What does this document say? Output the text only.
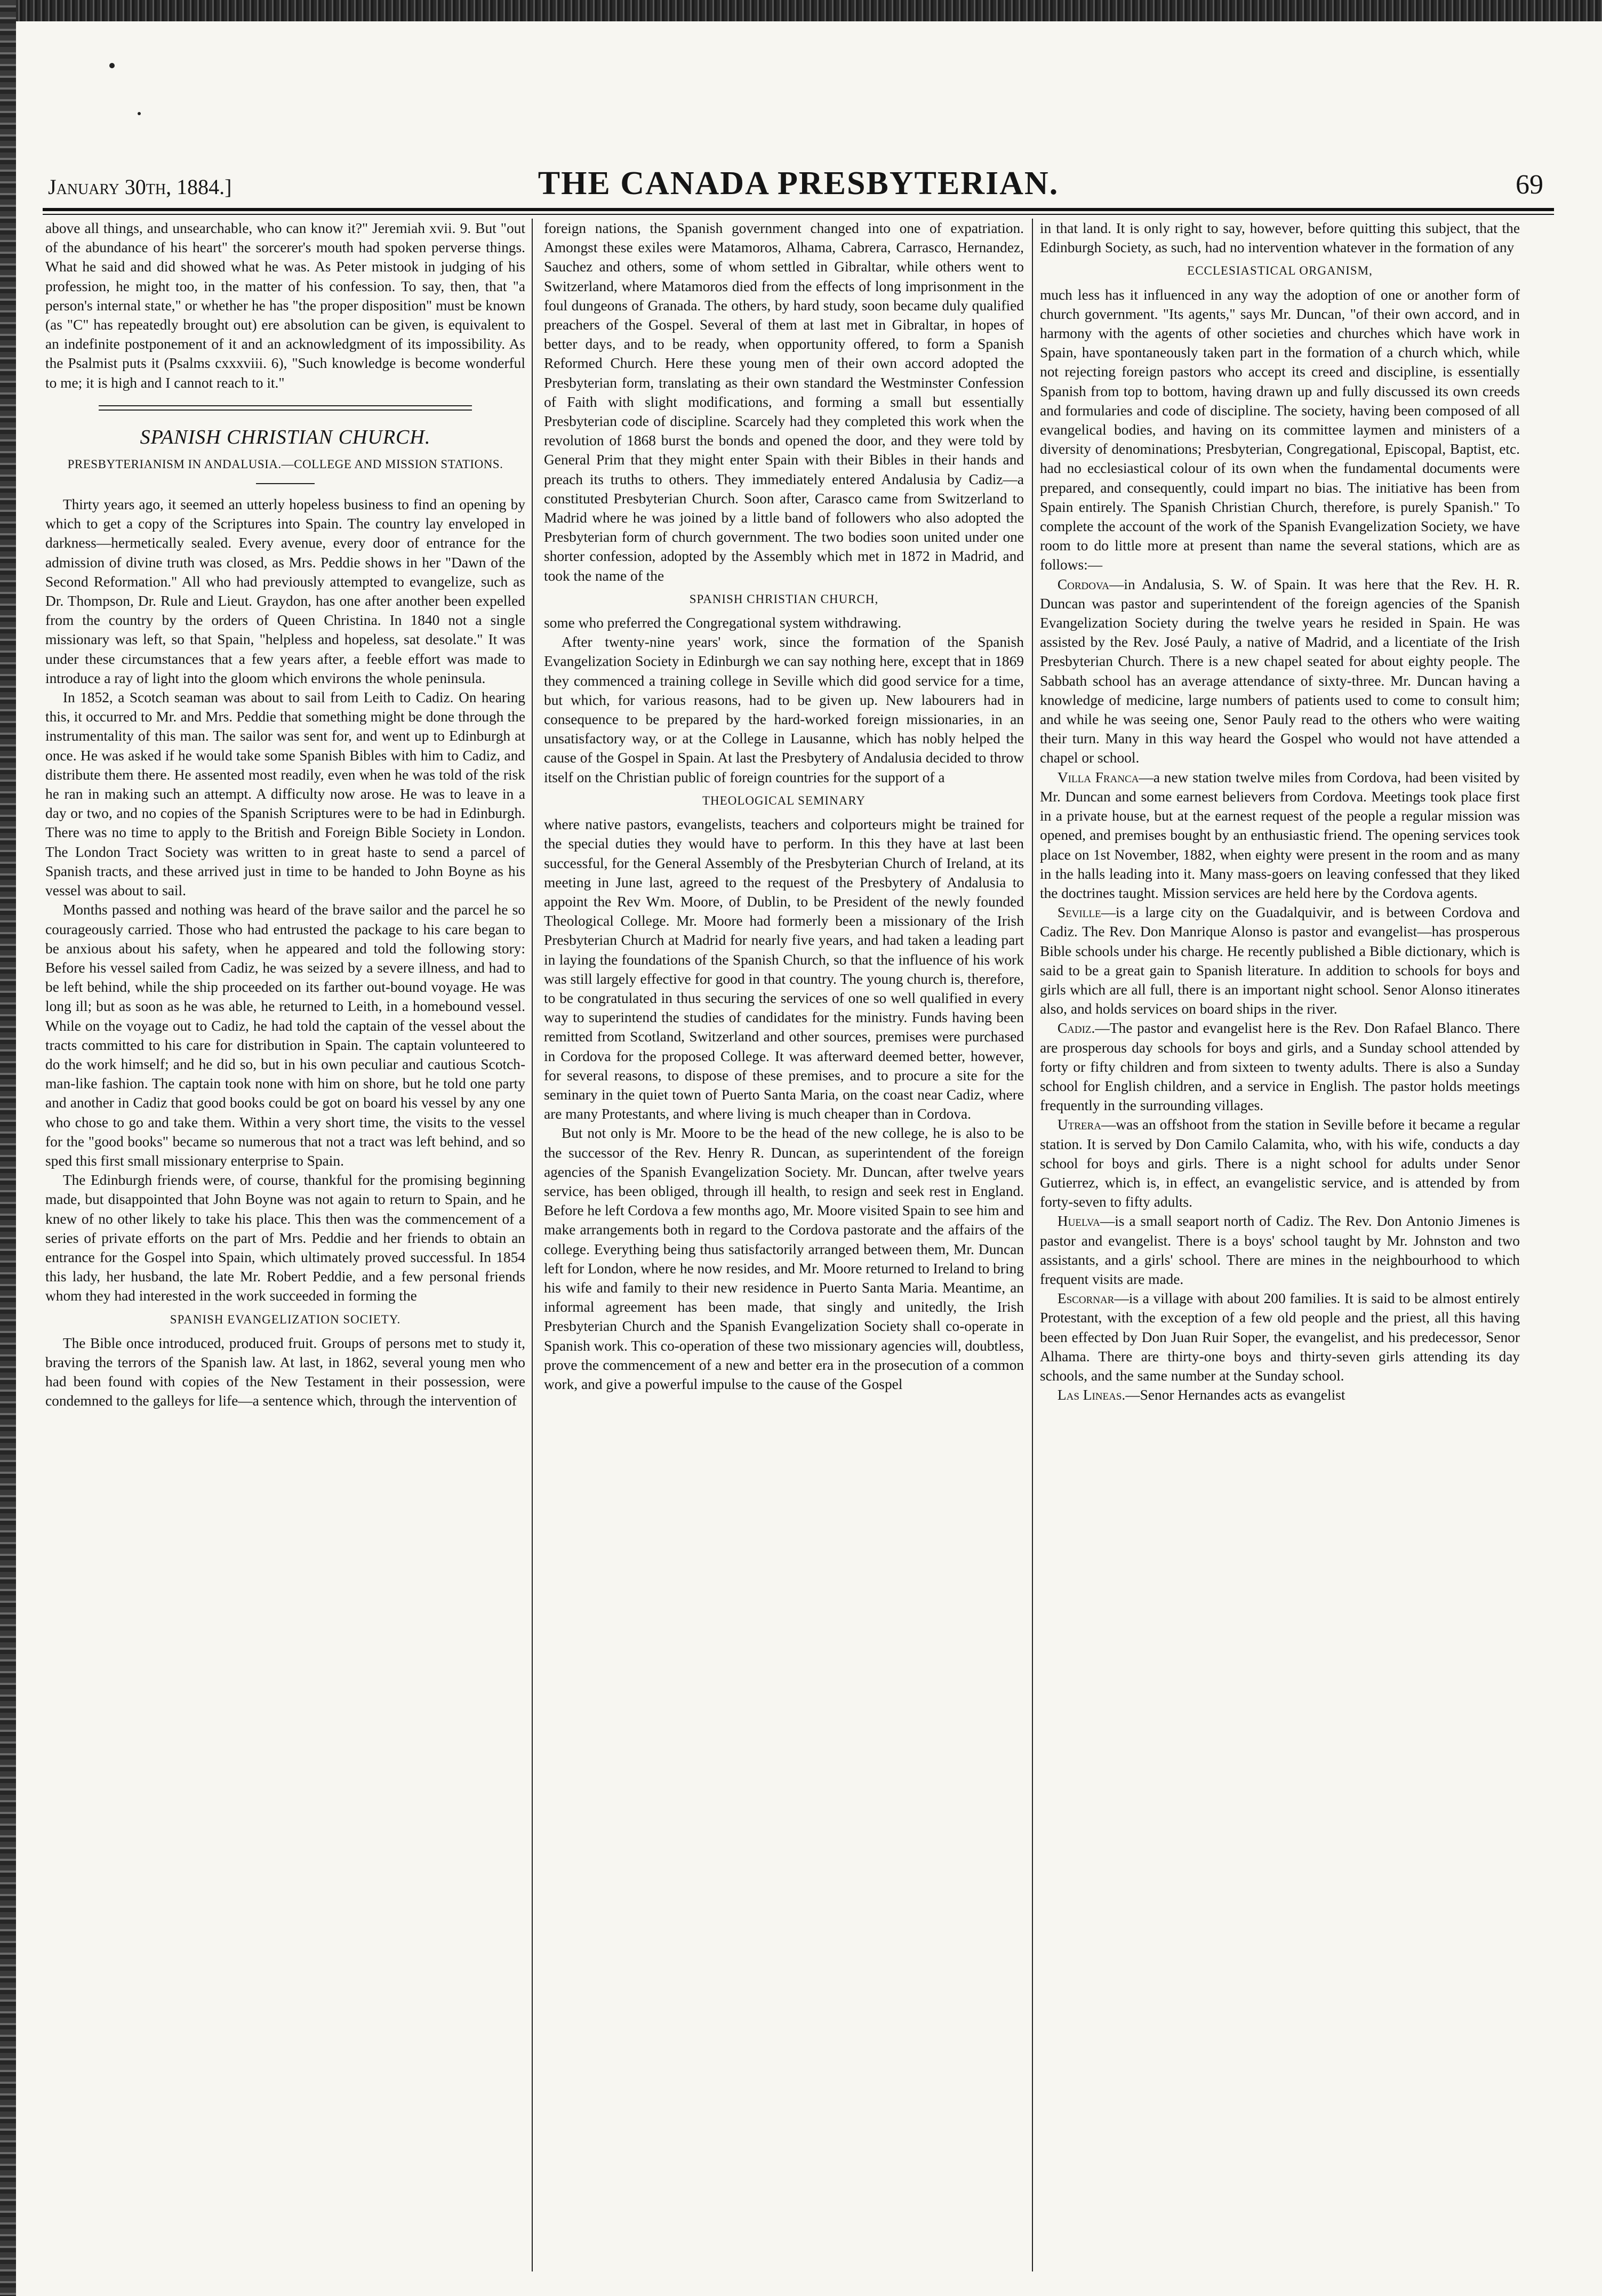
January 30th, 1884.]	THE CANADA PRESBYTERIAN.	69

above all things, and unsearchable, who can know it?" Jeremiah xvii. 9. But "out of the abundance of his heart" the sorcerer's mouth had spoken perverse things. What he said and did showed what he was. As Peter mistook in judging of his profession, he might too, in the matter of his confession. To say, then, that "a person's internal state," or whether he has "the proper disposition" must be known (as "C" has repeatedly brought out) ere absolution can be given, is equivalent to an indefinite postponement of it and an acknowledgment of its impossibility. As the Psalmist puts it (Psalms cxxxviii. 6), "Such knowledge is become wonderful to me; it is high and I cannot reach to it."

SPANISH CHRISTIAN CHURCH.
PRESBYTERIANISM IN ANDALUSIA.—COLLEGE AND MISSION STATIONS.

Thirty years ago, it seemed an utterly hopeless business to find an opening by which to get a copy of the Scriptures into Spain. The country lay enveloped in darkness—hermetically sealed. Every avenue, every door of entrance for the admission of divine truth was closed, as Mrs. Peddie shows in her "Dawn of the Second Reformation." All who had previously attempted to evangelize, such as Dr. Thompson, Dr. Rule and Lieut. Graydon, has one after another been expelled from the country by the orders of Queen Christina. In 1840 not a single missionary was left, so that Spain, "helpless and hopeless, sat desolate." It was under these circumstances that a few years after, a feeble effort was made to introduce a ray of light into the gloom which environs the whole peninsula.

In 1852, a Scotch seaman was about to sail from Leith to Cadiz. On hearing this, it occurred to Mr. and Mrs. Peddie that something might be done through the instrumentality of this man. The sailor was sent for, and went up to Edinburgh at once. He was asked if he would take some Spanish Bibles with him to Cadiz, and distribute them there. He assented most readily, even when he was told of the risk he ran in making such an attempt. A difficulty now arose. He was to leave in a day or two, and no copies of the Spanish Scriptures were to be had in Edinburgh. There was no time to apply to the British and Foreign Bible Society in London. The London Tract Society was written to in great haste to send a parcel of Spanish tracts, and these arrived just in time to be handed to John Boyne as his vessel was about to sail.

Months passed and nothing was heard of the brave sailor and the parcel he so courageously carried. Those who had entrusted the package to his care began to be anxious about his safety, when he appeared and told the following story: Before his vessel sailed from Cadiz, he was seized by a severe illness, and had to be left behind, while the ship proceeded on its farther out-bound voyage. He was long ill; but as soon as he was able, he returned to Leith, in a homebound vessel. While on the voyage out to Cadiz, he had told the captain of the vessel about the tracts committed to his care for distribution in Spain. The captain volunteered to do the work himself; and he did so, but in his own peculiar and cautious Scotch-man-like fashion. The captain took none with him on shore, but he told one party and another in Cadiz that good books could be got on board his vessel by any one who chose to go and take them. Within a very short time, the visits to the vessel for the "good books" became so numerous that not a tract was left behind, and so sped this first small missionary enterprise to Spain.

The Edinburgh friends were, of course, thankful for the promising beginning made, but disappointed that John Boyne was not again to return to Spain, and he knew of no other likely to take his place. This then was the commencement of a series of private efforts on the part of Mrs. Peddie and her friends to obtain an entrance for the Gospel into Spain, which ultimately proved successful. In 1854 this lady, her husband, the late Mr. Robert Peddie, and a few personal friends whom they had interested in the work succeeded in forming the

SPANISH EVANGELIZATION SOCIETY.

The Bible once introduced, produced fruit. Groups of persons met to study it, braving the terrors of the Spanish law. At last, in 1862, several young men who had been found with copies of the New Testament in their possession, were condemned to the galleys for life—a sentence which, through the intervention of

foreign nations, the Spanish government changed into one of expatriation. Amongst these exiles were Matamoros, Alhama, Cabrera, Carrasco, Hernandez, Sauchez and others, some of whom settled in Gibraltar, while others went to Switzerland, where Matamoros died from the effects of long imprisonment in the foul dungeons of Granada. The others, by hard study, soon became duly qualified preachers of the Gospel. Several of them at last met in Gibraltar, in hopes of better days, and to be ready, when opportunity offered, to form a Spanish Reformed Church. Here these young men of their own accord adopted the Presbyterian form, translating as their own standard the Westminster Confession of Faith with slight modifications, and forming a small but essentially Presbyterian code of discipline. Scarcely had they completed this work when the revolution of 1868 burst the bonds and opened the door, and they were told by General Prim that they might enter Spain with their Bibles in their hands and preach its truths to others. They immediately entered Andalusia by Cadiz—a constituted Presbyterian Church. Soon after, Carasco came from Switzerland to Madrid where he was joined by a little band of followers who also adopted the Presbyterian form of church government. The two bodies soon united under one shorter confession, adopted by the Assembly which met in 1872 in Madrid, and took the name of the

SPANISH CHRISTIAN CHURCH,

some who preferred the Congregational system withdrawing.

After twenty-nine years' work, since the formation of the Spanish Evangelization Society in Edinburgh we can say nothing here, except that in 1869 they commenced a training college in Seville which did good service for a time, but which, for various reasons, had to be given up. New labourers had in consequence to be prepared by the hard-worked foreign missionaries, in an unsatisfactory way, or at the College in Lausanne, which has nobly helped the cause of the Gospel in Spain. At last the Presbytery of Andalusia decided to throw itself on the Christian public of foreign countries for the support of a

THEOLOGICAL SEMINARY

where native pastors, evangelists, teachers and colporteurs might be trained for the special duties they would have to perform. In this they have at last been successful, for the General Assembly of the Presbyterian Church of Ireland, at its meeting in June last, agreed to the request of the Presbytery of Andalusia to appoint the Rev Wm. Moore, of Dublin, to be President of the newly founded Theological College. Mr. Moore had formerly been a missionary of the Irish Presbyterian Church at Madrid for nearly five years, and had taken a leading part in laying the foundations of the Spanish Church, so that the influence of his work was still largely effective for good in that country. The young church is, therefore, to be congratulated in thus securing the services of one so well qualified in every way to superintend the studies of candidates for the ministry. Funds having been remitted from Scotland, Switzerland and other sources, premises were purchased in Cordova for the proposed College. It was afterward deemed better, however, for several reasons, to dispose of these premises, and to procure a site for the seminary in the quiet town of Puerto Santa Maria, on the coast near Cadiz, where are many Protestants, and where living is much cheaper than in Cordova.

But not only is Mr. Moore to be the head of the new college, he is also to be the successor of the Rev. Henry R. Duncan, as superintendent of the foreign agencies of the Spanish Evangelization Society. Mr. Duncan, after twelve years service, has been obliged, through ill health, to resign and seek rest in England. Before he left Cordova a few months ago, Mr. Moore visited Spain to see him and make arrangements both in regard to the Cordova pastorate and the affairs of the college. Everything being thus satisfactorily arranged between them, Mr. Duncan left for London, where he now resides, and Mr. Moore returned to Ireland to bring his wife and family to their new residence in Puerto Santa Maria. Meantime, an informal agreement has been made, that singly and unitedly, the Irish Presbyterian Church and the Spanish Evangelization Society shall co-operate in Spanish work. This co-operation of these two missionary agencies will, doubtless, prove the commencement of a new and better era in the prosecution of a common work, and give a powerful impulse to the cause of the Gospel

in that land. It is only right to say, however, before quitting this subject, that the Edinburgh Society, as such, had no intervention whatever in the formation of any

ECCLESIASTICAL ORGANISM,

much less has it influenced in any way the adoption of one or another form of church government. "Its agents," says Mr. Duncan, "of their own accord, and in harmony with the agents of other societies and churches which have work in Spain, have spontaneously taken part in the formation of a church which, while not rejecting foreign pastors who accept its creed and discipline, is essentially Spanish from top to bottom, having drawn up and fully discussed its own creeds and formularies and code of discipline. The society, having been composed of all evangelical bodies, and having on its committee laymen and ministers of a diversity of denominations; Presbyterian, Congregational, Episcopal, Baptist, etc. had no ecclesiastical colour of its own when the fundamental documents were prepared, and consequently, could impart no bias. The initiative has been from Spain entirely. The Spanish Christian Church, therefore, is purely Spanish." To complete the account of the work of the Spanish Evangelization Society, we have room to do little more at present than name the several stations, which are as follows:—

Cordova—in Andalusia, S. W. of Spain. It was here that the Rev. H. R. Duncan was pastor and superintendent of the foreign agencies of the Spanish Evangelization Society during the twelve years he resided in Spain. He was assisted by the Rev. José Pauly, a native of Madrid, and a licentiate of the Irish Presbyterian Church. There is a new chapel seated for about eighty people. The Sabbath school has an average attendance of sixty-three. Mr. Duncan having a knowledge of medicine, large numbers of patients used to come to consult him; and while he was seeing one, Senor Pauly read to the others who were waiting their turn. Many in this way heard the Gospel who would not have attended a chapel or school.

Villa Franca—a new station twelve miles from Cordova, had been visited by Mr. Duncan and some earnest believers from Cordova. Meetings took place first in a private house, but at the earnest request of the people a regular mission was opened, and premises bought by an enthusiastic friend. The opening services took place on 1st November, 1882, when eighty were present in the room and as many in the halls leading into it. Many mass-goers on leaving confessed that they liked the doctrines taught. Mission services are held here by the Cordova agents.

Seville—is a large city on the Guadalquivir, and is between Cordova and Cadiz. The Rev. Don Manrique Alonso is pastor and evangelist—has prosperous Bible schools under his charge. He recently published a Bible dictionary, which is said to be a great gain to Spanish literature. In addition to schools for boys and girls which are all full, there is an important night school. Senor Alonso itinerates also, and holds services on board ships in the river.

Cadiz.—The pastor and evangelist here is the Rev. Don Rafael Blanco. There are prosperous day schools for boys and girls, and a Sunday school attended by forty or fifty children and from sixteen to twenty adults. There is also a Sunday school for English children, and a service in English. The pastor holds meetings frequently in the surrounding villages.

Utrera—was an offshoot from the station in Seville before it became a regular station. It is served by Don Camilo Calamita, who, with his wife, conducts a day school for boys and girls. There is a night school for adults under Senor Gutierrez, which is, in effect, an evangelistic service, and is attended by from forty-seven to fifty adults.

Huelva—is a small seaport north of Cadiz. The Rev. Don Antonio Jimenes is pastor and evangelist. There is a boys' school taught by Mr. Johnston and two assistants, and a girls' school. There are mines in the neighbourhood to which frequent visits are made.

Escornar—is a village with about 200 families. It is said to be almost entirely Protestant, with the exception of a few old people and the priest, all this having been effected by Don Juan Ruir Soper, the evangelist, and his predecessor, Senor Alhama. There are thirty-one boys and thirty-seven girls attending its day schools, and the same number at the Sunday school.

Las Lineas.—Senor Hernandes acts as evangelist
